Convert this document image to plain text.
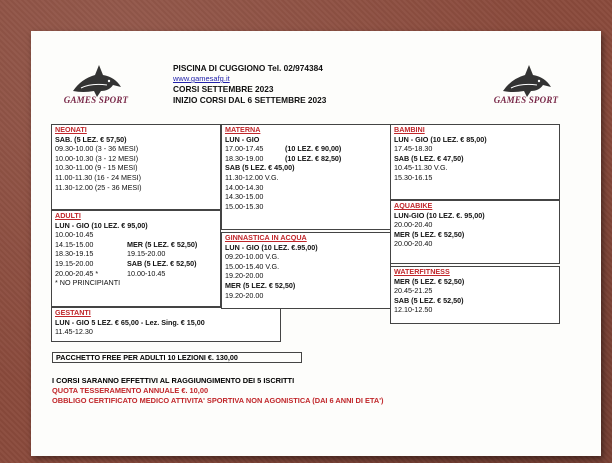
GAMES SPORT	GAMES SPORT
PISCINA DI CUGGIONO Tel. 02/974384
www.gamesafg.it
CORSI SETTEMBRE 2023
INIZIO CORSI DAL 6 SETTEMBRE 2023
NEONATI
SAB. (5 LEZ. € 57,50)
09.30-10.00 (3 - 36 MESI)
10.00-10.30 (3 - 12 MESI)
10.30-11.00 (9 - 15 MESI)
11.00-11.30 (16 - 24 MESI)
11.30-12.00 (25 - 36 MESI)
ADULTI
LUN - GIO (10 LEZ. € 95,00)
10.00-10.45
14.15-15.00	MER (5 LEZ. € 52,50)
18.30-19.15	19.15-20.00
19.15-20.00	SAB (5 LEZ. € 52,50)
20.00-20.45 *	10.00-10.45
* NO PRINCIPIANTI
GESTANTI
LUN - GIO 5 LEZ. € 65,00 - Lez. Sing. € 15,00
11.45-12.30
MATERNA
LUN - GIO
17.00-17.45	(10 LEZ. € 90,00)
18.30-19.00	(10 LEZ. € 82,50)
SAB (5 LEZ. € 45,00)
11.30-12.00 V.G.
14.00-14.30
14.30-15.00
15.00-15.30
GINNASTICA IN ACQUA
LUN - GIO (10 LEZ. €.95,00)
09.20-10.00 V.G.
15.00-15.40 V.G.
19.20-20.00
MER (5 LEZ. € 52,50)
19.20-20.00
BAMBINI
LUN - GIO (10 LEZ. € 85,00)
17.45-18.30
SAB (5 LEZ. € 47,50)
10.45-11.30 V.G.
15.30-16.15
AQUABIKE
LUN-GIO (10 LEZ. €. 95,00)
20.00-20.40
MER (5 LEZ. € 52,50)
20.00-20.40
WATERFITNESS
MER (5 LEZ. € 52,50)
20.45-21.25
SAB (5 LEZ. € 52,50)
12.10-12.50
PACCHETTO FREE PER ADULTI 10 LEZIONI €. 130,00
I CORSI SARANNO EFFETTIVI AL RAGGIUNGIMENTO DEI 5 ISCRITTI
QUOTA TESSERAMENTO ANNUALE €. 10,00
OBBLIGO CERTIFICATO MEDICO ATTIVITA' SPORTIVA NON AGONISTICA (DAI 6 ANNI DI ETA')
